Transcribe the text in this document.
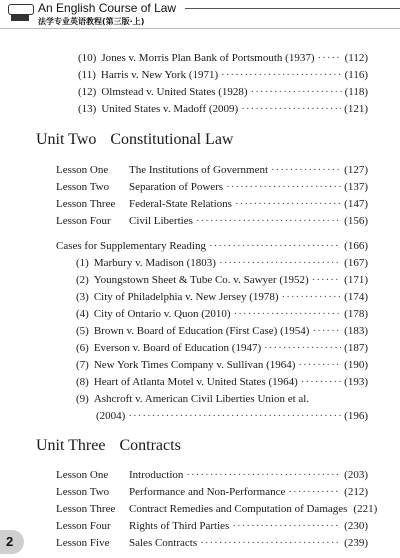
An English Course of Law
法学专业英语教程(第三版·上)
(10) Jones v. Morris Plan Bank of Portsmouth (1937) ·····	(112)
(11) Harris v. New York (1971) ·····	(116)
(12) Olmstead v. United States (1928) ·····	(118)
(13) United States v. Madoff (2009) ·····	(121)
Unit Two Constitutional Law
Lesson One	The Institutions of Government ·····	(127)
Lesson Two	Separation of Powers ·····	(137)
Lesson Three	Federal-State Relations ·····	(147)
Lesson Four	Civil Liberties ·····	(156)
Cases for Supplementary Reading ·····	(166)
(1) Marbury v. Madison (1803) ·····	(167)
(2) Youngstown Sheet & Tube Co. v. Sawyer (1952) ·····	(171)
(3) City of Philadelphia v. New Jersey (1978) ·····	(174)
(4) City of Ontario v. Quon (2010) ·····	(178)
(5) Brown v. Board of Education (First Case) (1954) ·····	(183)
(6) Everson v. Board of Education (1947) ·····	(187)
(7) New York Times Company v. Sullivan (1964) ·····	(190)
(8) Heart of Atlanta Motel v. United States (1964) ·····	(193)
(9) Ashcroft v. American Civil Liberties Union et al.
(2004) ·····	(196)
Unit Three Contracts
Lesson One	Introduction ·····	(203)
Lesson Two	Performance and Non-Performance ·····	(212)
Lesson Three	Contract Remedies and Computation of Damages (221)
Lesson Four	Rights of Third Parties ·····	(230)
Lesson Five	Sales Contracts ·····	(239)
2
